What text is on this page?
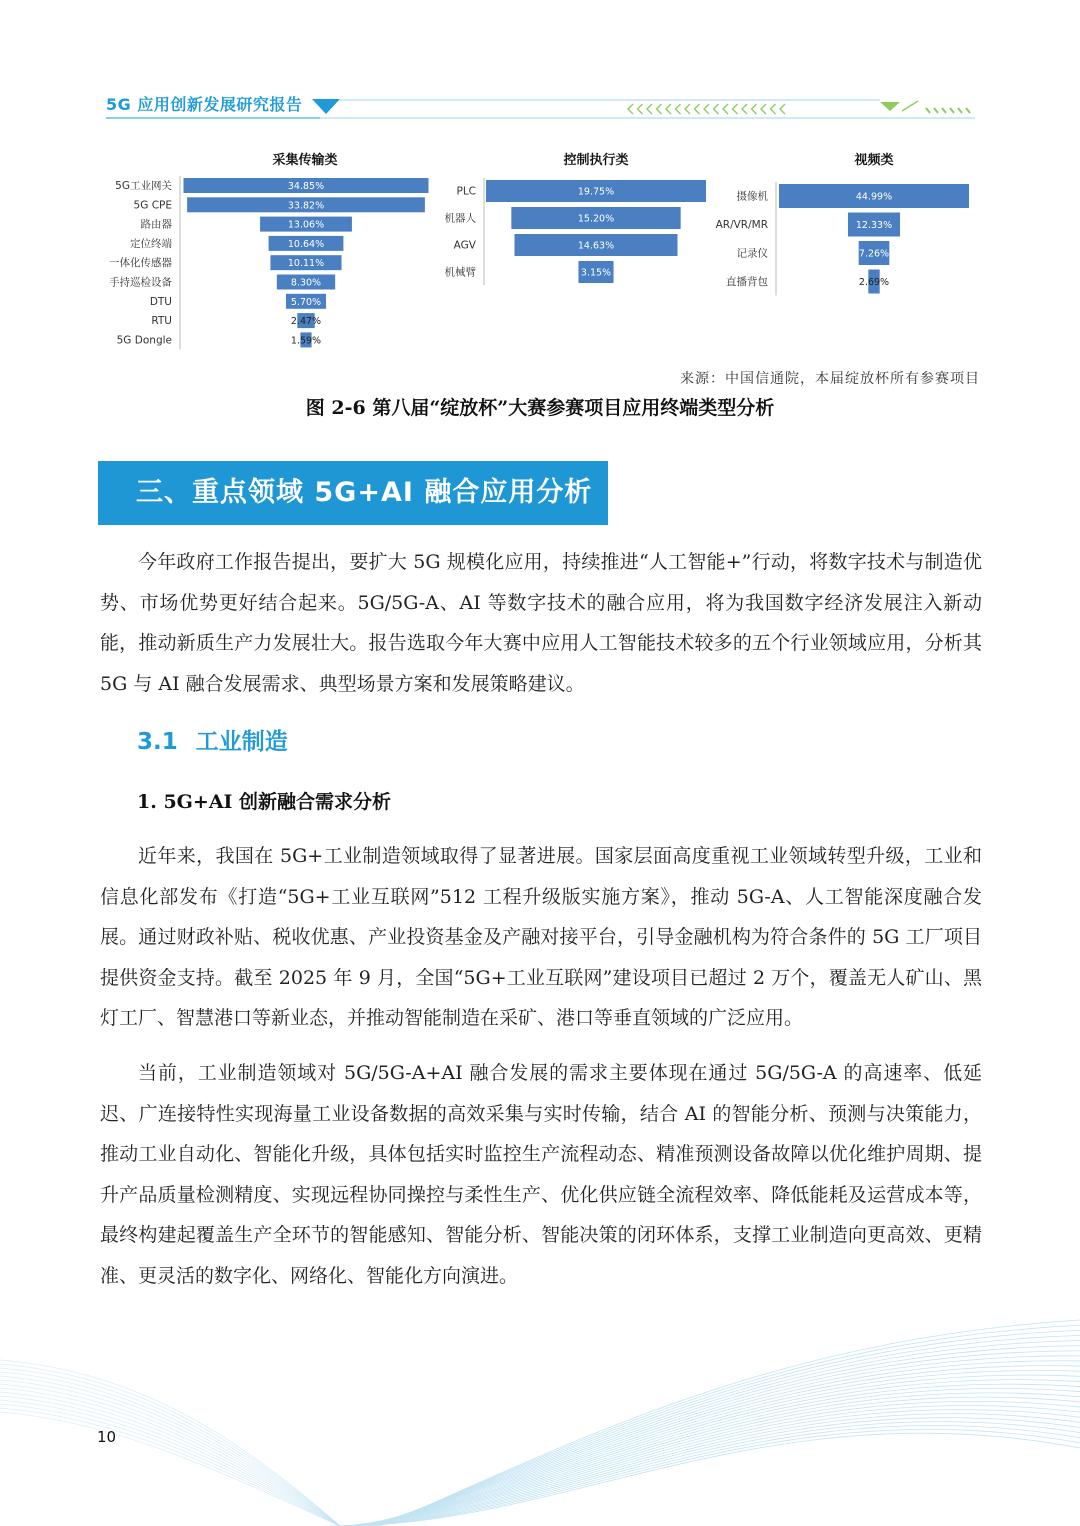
5G 应用创新发展研究报告
采集传输类
34.85%
5G工业网关
33.82%
5G CPE
13.06%
路由器
10.64%
定位终端
10.11%
一体化传感器
8.30%
手持巡检设备
5.70%
DTU
2.47%
RTU
1.59%
5G Dongle
控制执行类
19.75%
PLC
15.20%
机器人
14.63%
AGV
3.15%
机械臂
视频类
44.99%
摄像机
12.33%
AR/VR/MR
7.26%
记录仪
2.69%
直播背包
来源：中国信通院，本届绽放杯所有参赛项目
图 2-6 第八届“绽放杯”大赛参赛项目应用终端类型分析
三、重点领域 5G+AI 融合应用分析

今年政府工作报告提出，要扩大 5G 规模化应用，持续推进“人工智能+”行动，将数字技术与制造优势、市场优势更好结合起来。5G/5G-A、AI 等数字技术的融合应用，将为我国数字经济发展注入新动能，推动新质生产力发展壮大。报告选取今年大赛中应用人工智能技术较多的五个行业领域应用，分析其 5G 与 AI 融合发展需求、典型场景方案和发展策略建议。

3.1 工业制造
1. 5G+AI 创新融合需求分析

近年来，我国在 5G+工业制造领域取得了显著进展。国家层面高度重视工业领域转型升级，工业和信息化部发布《打造“5G+工业互联网”512 工程升级版实施方案》，推动 5G-A、人工智能深度融合发展。通过财政补贴、税收优惠、产业投资基金及产融对接平台，引导金融机构为符合条件的 5G 工厂项目提供资金支持。截至 2025 年 9 月，全国“5G+工业互联网”建设项目已超过 2 万个，覆盖无人矿山、黑灯工厂、智慧港口等新业态，并推动智能制造在采矿、港口等垂直领域的广泛应用。

当前，工业制造领域对 5G/5G-A+AI 融合发展的需求主要体现在通过 5G/5G-A 的高速率、低延迟、广连接特性实现海量工业设备数据的高效采集与实时传输，结合 AI 的智能分析、预测与决策能力，推动工业自动化、智能化升级，具体包括实时监控生产流程动态、精准预测设备故障以优化维护周期、提升产品质量检测精度、实现远程协同操控与柔性生产、优化供应链全流程效率、降低能耗及运营成本等，最终构建起覆盖生产全环节的智能感知、智能分析、智能决策的闭环体系，支撑工业制造向更高效、更精准、更灵活的数字化、网络化、智能化方向演进。

10
